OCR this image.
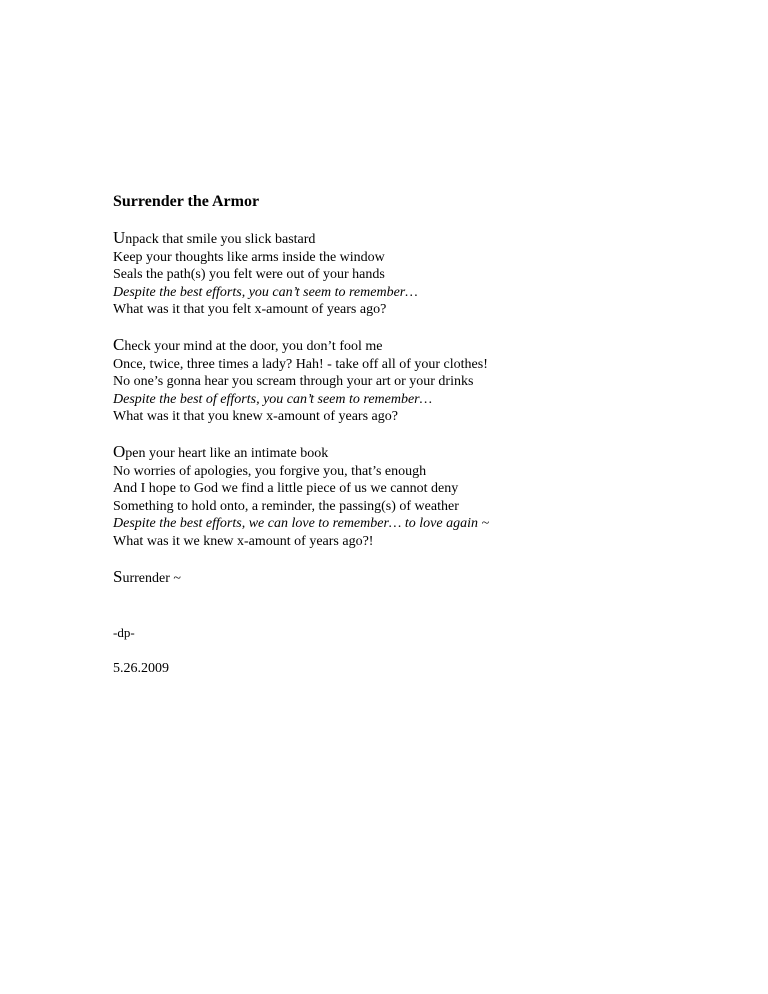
Surrender the Armor
Unpack that smile you slick bastard
Keep your thoughts like arms inside the window
Seals the path(s) you felt were out of your hands
Despite the best efforts, you can’t seem to remember…
What was it that you felt x-amount of years ago?
Check your mind at the door, you don’t fool me
Once, twice, three times a lady? Hah! - take off all of your clothes!
No one’s gonna hear you scream through your art or your drinks
Despite the best of efforts, you can’t seem to remember…
What was it that you knew x-amount of years ago?
Open your heart like an intimate book
No worries of apologies, you forgive you, that’s enough
And I hope to God we find a little piece of us we cannot deny
Something to hold onto, a reminder, the passing(s) of weather
Despite the best efforts, we can love to remember… to love again ~
What was it we knew x-amount of years ago?!
Surrender ~
-dp-
5.26.2009
